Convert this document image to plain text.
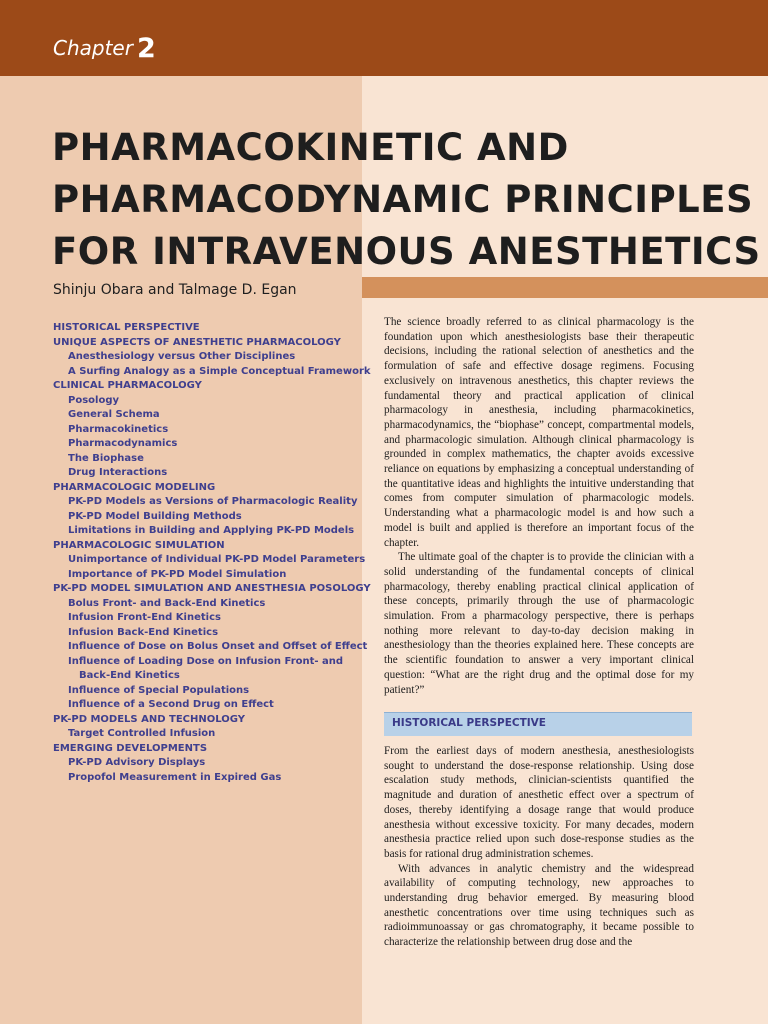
Chapter 2
PHARMACOKINETIC AND
PHARMACODYNAMIC PRINCIPLES
FOR INTRAVENOUS ANESTHETICS
Shinju Obara and Talmage D. Egan
HISTORICAL PERSPECTIVE
UNIQUE ASPECTS OF ANESTHETIC PHARMACOLOGY
Anesthesiology versus Other Disciplines
A Surfing Analogy as a Simple Conceptual Framework
CLINICAL PHARMACOLOGY
Posology
General Schema
Pharmacokinetics
Pharmacodynamics
The Biophase
Drug Interactions
PHARMACOLOGIC MODELING
PK-PD Models as Versions of Pharmacologic Reality
PK-PD Model Building Methods
Limitations in Building and Applying PK-PD Models
PHARMACOLOGIC SIMULATION
Unimportance of Individual PK-PD Model Parameters
Importance of PK-PD Model Simulation
PK-PD MODEL SIMULATION AND ANESTHESIA POSOLOGY
Bolus Front- and Back-End Kinetics
Infusion Front-End Kinetics
Infusion Back-End Kinetics
Influence of Dose on Bolus Onset and Offset of Effect
Influence of Loading Dose on Infusion Front- and
Back-End Kinetics
Influence of Special Populations
Influence of a Second Drug on Effect
PK-PD MODELS AND TECHNOLOGY
Target Controlled Infusion
EMERGING DEVELOPMENTS
PK-PD Advisory Displays
Propofol Measurement in Expired Gas

The science broadly referred to as clinical pharmacology is the foundation upon which anesthesiologists base their therapeutic decisions, including the rational selection of anesthetics and the formulation of safe and effective dosage regimens. Focusing exclusively on intravenous anesthetics, this chapter reviews the fundamental theory and practical application of clinical pharmacology in anesthesia, including pharmacokinetics, pharmacodynamics, the “biophase” concept, compartmental models, and pharmacologic simulation. Although clinical pharmacology is grounded in complex mathematics, the chapter avoids excessive reliance on equations by emphasizing a conceptual understanding of the quantitative ideas and highlights the intuitive understanding that comes from computer simulation of pharmacologic models. Understanding what a pharmacologic model is and how such a model is built and applied is therefore an important focus of the chapter.

The ultimate goal of the chapter is to provide the clinician with a solid understanding of the fundamental concepts of clinical pharmacology, thereby enabling practical clinical application of these concepts, primarily through the use of pharmacologic simulation. From a pharmacology perspective, there is perhaps nothing more relevant to day-to-day decision making in anesthesiology than the theories explained here. These concepts are the scientific foundation to answer a very important clinical question: “What are the right drug and the optimal dose for my patient?”

HISTORICAL PERSPECTIVE

From the earliest days of modern anesthesia, anesthesiologists sought to understand the dose-response relationship. Using dose escalation study methods, clinician-scientists quantified the magnitude and duration of anesthetic effect over a spectrum of doses, thereby identifying a dosage range that would produce anesthesia without excessive toxicity. For many decades, modern anesthesia practice relied upon such dose-response studies as the basis for rational drug administration schemes.

With advances in analytic chemistry and the widespread availability of computing technology, new approaches to understanding drug behavior emerged. By measuring blood anesthetic concentrations over time using techniques such as radioimmunoassay or gas chromatography, it became possible to characterize the relationship between drug dose and the
